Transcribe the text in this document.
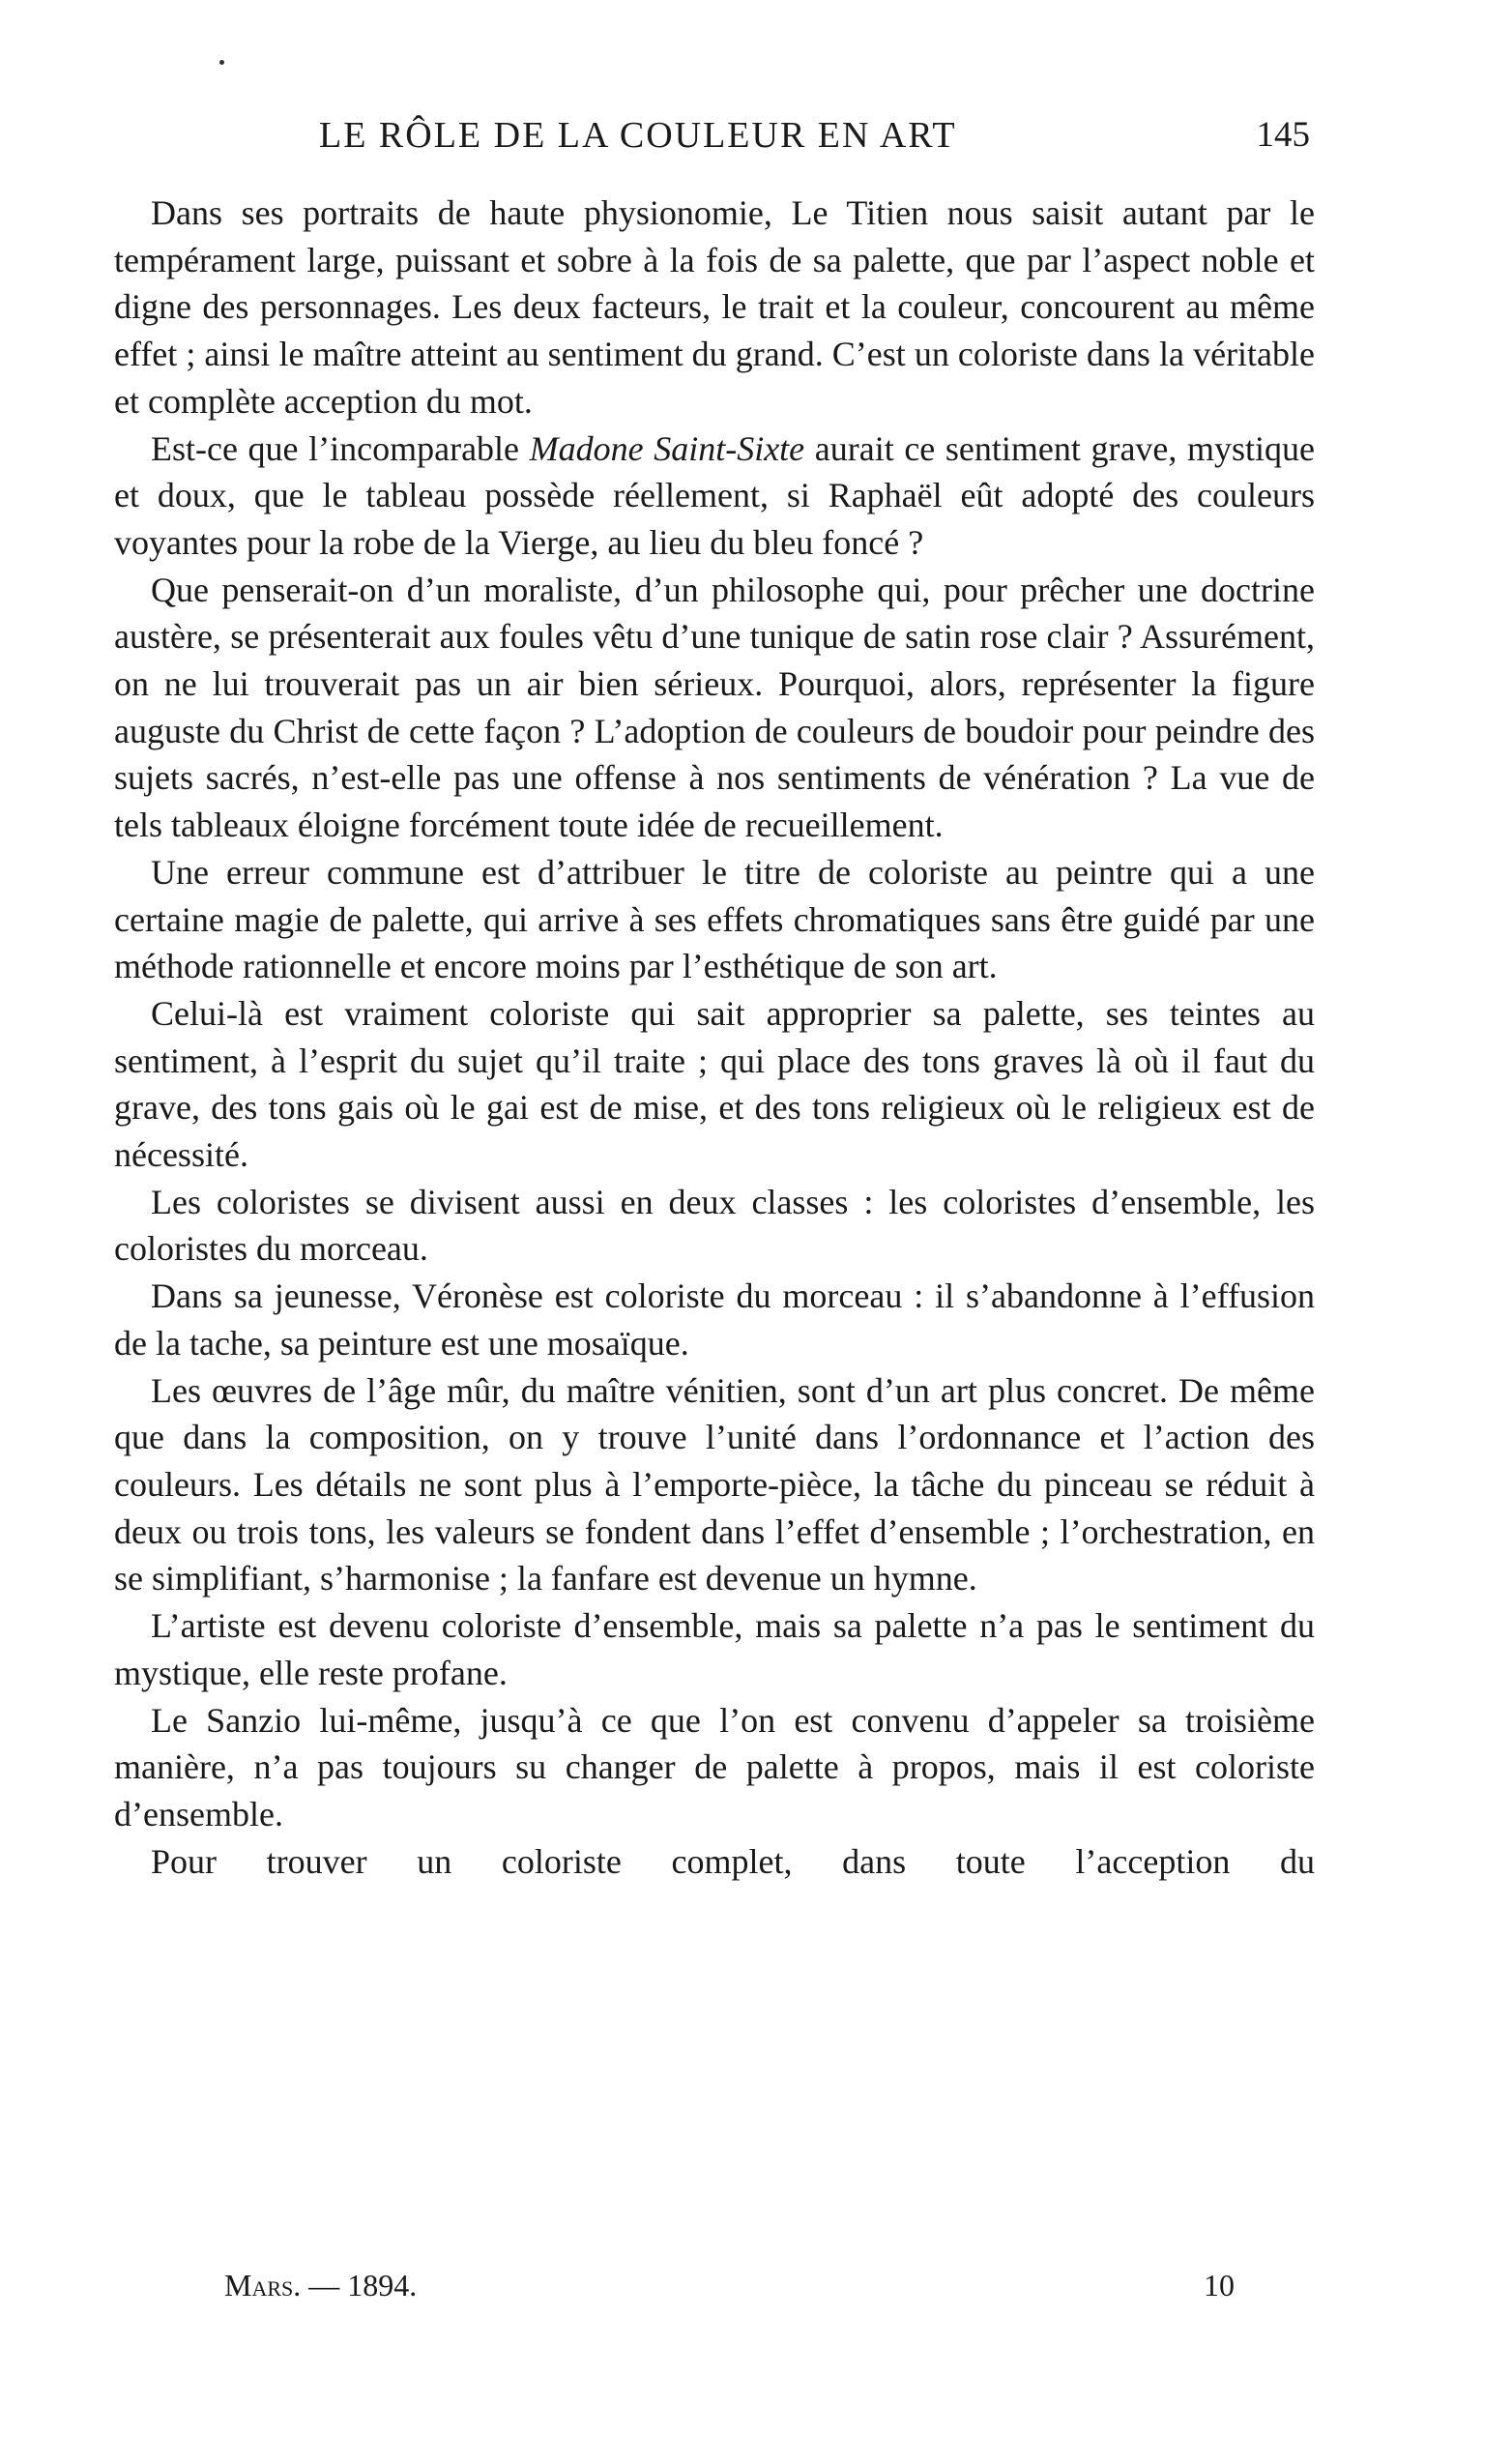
LE RÔLE DE LA COULEUR EN ART	145

Dans ses portraits de haute physionomie, Le Titien nous saisit autant par le tempérament large, puissant et sobre à la fois de sa palette, que par l’aspect noble et digne des personnages. Les deux facteurs, le trait et la couleur, concourent au même effet ; ainsi le maître atteint au sentiment du grand. C’est un coloriste dans la véritable et complète acception du mot.

Est-ce que l’incomparable Madone Saint-Sixte aurait ce sentiment grave, mystique et doux, que le tableau possède réellement, si Raphaël eût adopté des couleurs voyantes pour la robe de la Vierge, au lieu du bleu foncé ?

Que penserait-on d’un moraliste, d’un philosophe qui, pour prêcher une doctrine austère, se présenterait aux foules vêtu d’une tunique de satin rose clair ? Assurément, on ne lui trouverait pas un air bien sérieux. Pourquoi, alors, représenter la figure auguste du Christ de cette façon ? L’adoption de couleurs de boudoir pour peindre des sujets sacrés, n’est-elle pas une offense à nos sentiments de vénération ? La vue de tels tableaux éloigne forcément toute idée de recueillement.

Une erreur commune est d’attribuer le titre de coloriste au peintre qui a une certaine magie de palette, qui arrive à ses effets chromatiques sans être guidé par une méthode rationnelle et encore moins par l’esthétique de son art.

Celui-là est vraiment coloriste qui sait approprier sa palette, ses teintes au sentiment, à l’esprit du sujet qu’il traite ; qui place des tons graves là où il faut du grave, des tons gais où le gai est de mise, et des tons religieux où le religieux est de nécessité.

Les coloristes se divisent aussi en deux classes : les coloristes d’ensemble, les coloristes du morceau.

Dans sa jeunesse, Véronèse est coloriste du morceau : il s’abandonne à l’effusion de la tache, sa peinture est une mosaïque.

Les œuvres de l’âge mûr, du maître vénitien, sont d’un art plus concret. De même que dans la composition, on y trouve l’unité dans l’ordonnance et l’action des couleurs. Les détails ne sont plus à l’emporte-pièce, la tâche du pinceau se réduit à deux ou trois tons, les valeurs se fondent dans l’effet d’ensemble ; l’orchestration, en se simplifiant, s’harmonise ; la fanfare est devenue un hymne.

L’artiste est devenu coloriste d’ensemble, mais sa palette n’a pas le sentiment du mystique, elle reste profane.

Le Sanzio lui-même, jusqu’à ce que l’on est convenu d’appeler sa troisième manière, n’a pas toujours su changer de palette à propos, mais il est coloriste d’ensemble.

Pour trouver un coloriste complet, dans toute l’acception du

Mars. — 1894.	10
